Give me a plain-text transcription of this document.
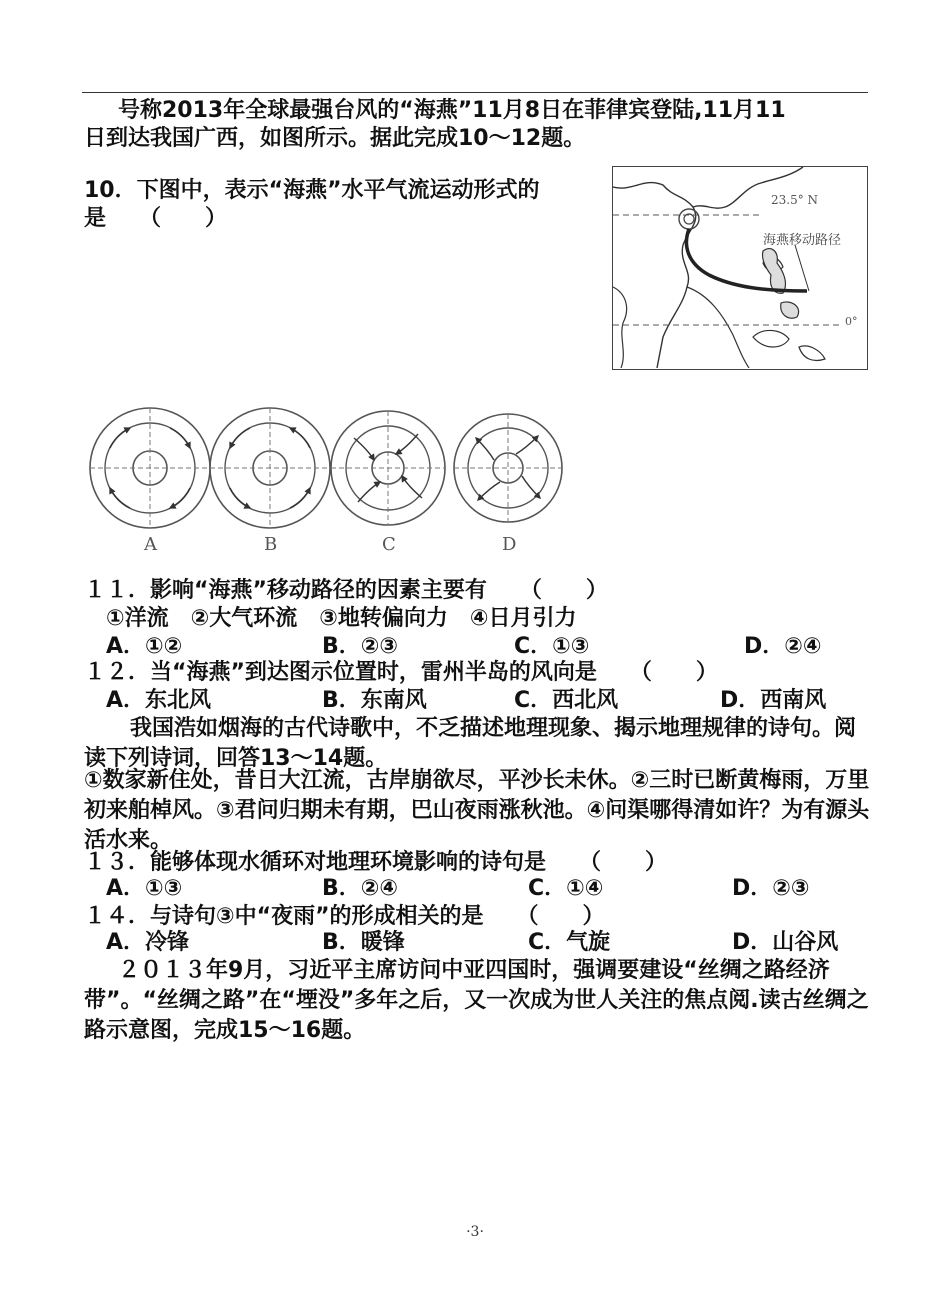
号称2013年全球最强台风的“海燕”11月8日在菲律宾登陆,11月11
日到达我国广西，如图所示。据此完成10～12题。
10．下图中，表示“海燕”水平气流运动形式的
是　　（　　）
23.5° N
海燕移动路径
0°
A	B	C	D
１１．影响“海燕”移动路径的因素主要有　　（　　）
①洋流　②大气环流　③地转偏向力　④日月引力
A．①②	B．②③	C．①③	D．②④
１２．当“海燕”到达图示位置时，雷州半岛的风向是　　（　　）
A．东北风	B．东南风	C．西北风	D．西南风
我国浩如烟海的古代诗歌中，不乏描述地理现象、揭示地理规律的诗句。阅读下列诗词，回答13～14题。
①数家新住处，昔日大江流，古岸崩欲尽，平沙长未休。②三时已断黄梅雨，万里初来舶棹风。③君问归期未有期，巴山夜雨涨秋池。④问渠哪得清如许？为有源头活水来。
１３．能够体现水循环对地理环境影响的诗句是　　（　　）
A．①③	B．②④	C．①④	D．②③
１４．与诗句③中“夜雨”的形成相关的是　　（　　）
A．冷锋	B．暖锋	C．气旋	D．山谷风
２０１３年9月，习近平主席访问中亚四国时，强调要建设“丝绸之路经济带”。“丝绸之路”在“堙没”多年之后，又一次成为世人关注的焦点阅.读古丝绸之路示意图，完成15～16题。
·3·
